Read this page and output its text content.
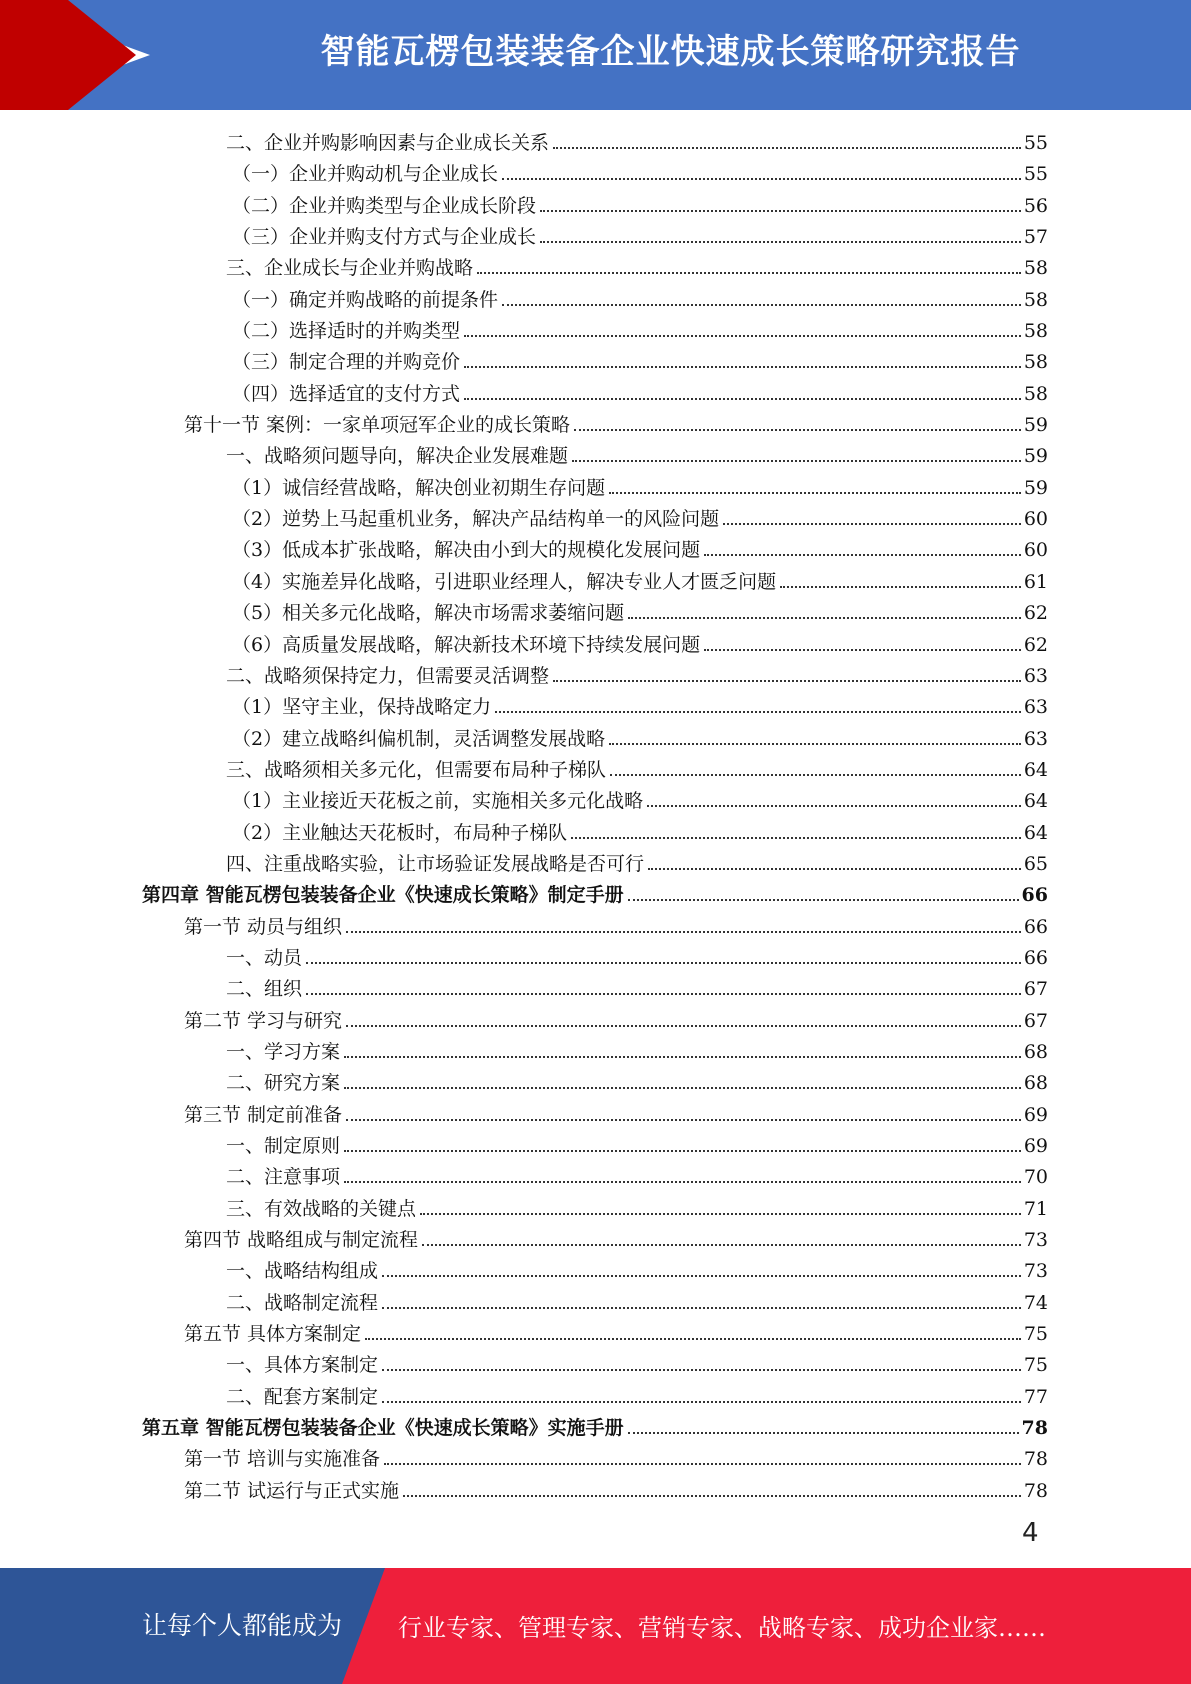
智能瓦楞包装装备企业快速成长策略研究报告
二、企业并购影响因素与企业成长关系	55
（一）企业并购动机与企业成长	55
（二）企业并购类型与企业成长阶段	56
（三）企业并购支付方式与企业成长	57
三、企业成长与企业并购战略	58
（一）确定并购战略的前提条件	58
（二）选择适时的并购类型	58
（三）制定合理的并购竞价	58
（四）选择适宜的支付方式	58
第十一节 案例：一家单项冠军企业的成长策略	59
一、战略须问题导向，解决企业发展难题	59
（1）诚信经营战略，解决创业初期生存问题	59
（2）逆势上马起重机业务，解决产品结构单一的风险问题	60
（3）低成本扩张战略，解决由小到大的规模化发展问题	60
（4）实施差异化战略，引进职业经理人，解决专业人才匮乏问题	61
（5）相关多元化战略，解决市场需求萎缩问题	62
（6）高质量发展战略，解决新技术环境下持续发展问题	62
二、战略须保持定力，但需要灵活调整	63
（1）坚守主业，保持战略定力	63
（2）建立战略纠偏机制，灵活调整发展战略	63
三、战略须相关多元化，但需要布局种子梯队	64
（1）主业接近天花板之前，实施相关多元化战略	64
（2）主业触达天花板时，布局种子梯队	64
四、注重战略实验，让市场验证发展战略是否可行	65
第四章 智能瓦楞包装装备企业《快速成长策略》制定手册	66
第一节 动员与组织	66
一、动员	66
二、组织	67
第二节 学习与研究	67
一、学习方案	68
二、研究方案	68
第三节 制定前准备	69
一、制定原则	69
二、注意事项	70
三、有效战略的关键点	71
第四节 战略组成与制定流程	73
一、战略结构组成	73
二、战略制定流程	74
第五节 具体方案制定	75
一、具体方案制定	75
二、配套方案制定	77
第五章 智能瓦楞包装装备企业《快速成长策略》实施手册	78
第一节 培训与实施准备	78
第二节 试运行与正式实施	78
4
让每个人都能成为 行业专家、管理专家、营销专家、战略专家、成功企业家……
